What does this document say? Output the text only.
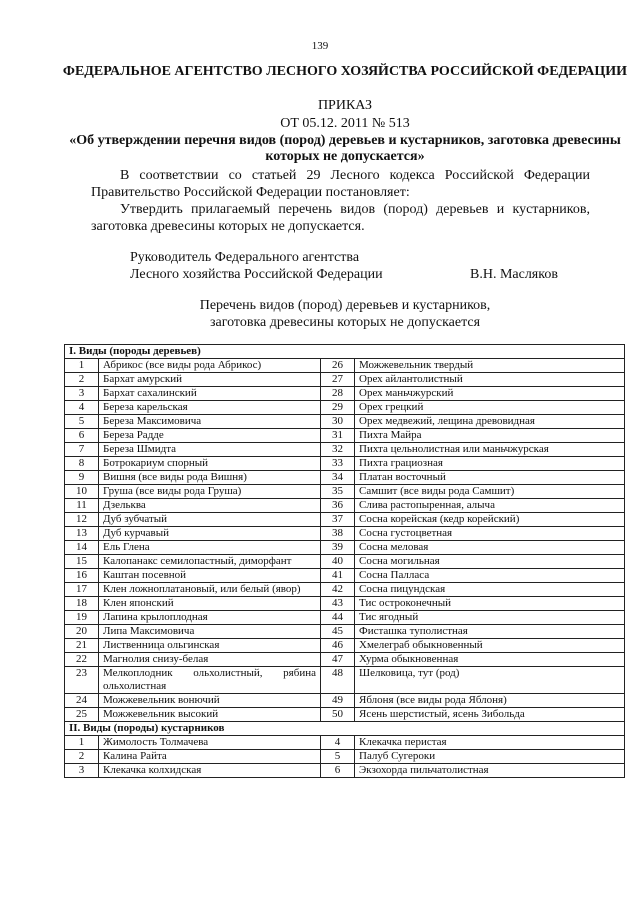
139
ФЕДЕРАЛЬНОЕ АГЕНТСТВО ЛЕСНОГО ХОЗЯЙСТВА РОССИЙСКОЙ ФЕДЕРАЦИИ
ПРИКАЗ
ОТ 05.12. 2011 № 513
«Об утверждении перечня видов (пород) деревьев и кустарников, заготовка древесины которых не допускается»
В соответствии со статьей 29 Лесного кодекса Российской Федерации
Правительство Российской Федерации постановляет:
Утвердить прилагаемый перечень видов (пород) деревьев и кустарников,
заготовка древесины которых не допускается.
Руководитель Федерального агентства
Лесного хозяйства Российской Федерации	В.Н. Масляков
Перечень видов (пород) деревьев и кустарников,
заготовка древесины которых не допускается
I. Виды (породы деревьев)			
1	Абрикос (все виды рода Абрикос)	26	Можжевельник твердый
2	Бархат амурский	27	Орех айлантолистный
3	Бархат сахалинский	28	Орех маньчжурский
4	Береза карельская	29	Орех грецкий
5	Береза Максимовича	30	Орех медвежий, лещина древовидная
6	Береза Радде	31	Пихта Майра
7	Береза Шмидта	32	Пихта цельнолистная или маньчжурская
8	Ботрокариум спорный	33	Пихта грациозная
9	Вишня (все виды рода Вишня)	34	Платан восточный
10	Груша (все виды рода Груша)	35	Самшит (все виды рода Самшит)
11	Дзельква	36	Слива растопыренная, алыча
12	Дуб зубчатый	37	Сосна корейская (кедр корейский)
13	Дуб курчавый	38	Сосна густоцветная
14	Ель Глена	39	Сосна меловая
15	Калопанакс семилопастный, диморфант	40	Сосна могильная
16	Каштан посевной	41	Сосна Палласа
17	Клен ложноплатановый, или белый (явор)	42	Сосна пицундская
18	Клен японский	43	Тис остроконечный
19	Лапина крылоплодная	44	Тис ягодный
20	Липа Максимовича	45	Фисташка туполистная
21	Лиственница ольгинская	46	Хмелеграб обыкновенный
22	Магнолия снизу-белая	47	Хурма обыкновенная
23	Мелкоплодник ольхолистный, рябина ольхолистная	48	Шелковица, тут (род)
24	Можжевельник вонючий	49	Яблоня (все виды рода Яблоня)
25	Можжевельник высокий	50	Ясень шерстистый, ясень Зибольда
II. Виды (породы) кустарников			
1	Жимолость Толмачева	4	Клекачка перистая
2	Калина Райта	5	Палуб Сугероки
3	Клекачка колхидская	6	Экзохорда пильчатолистная
